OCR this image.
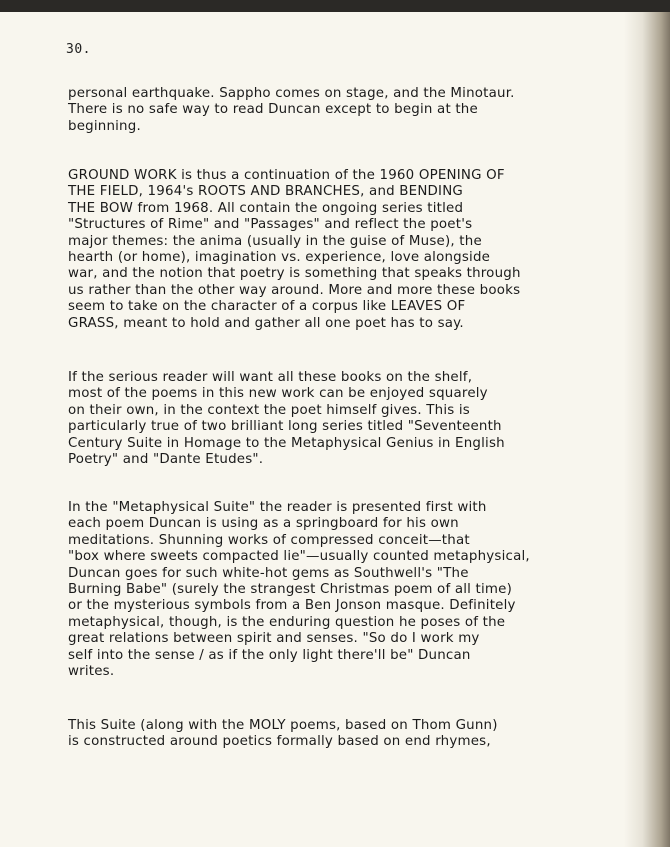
30.

personal earthquake. Sappho comes on stage, and the Minotaur.
There is no safe way to read Duncan except to begin at the
beginning.

GROUND WORK is thus a continuation of the 1960 OPENING OF
THE FIELD, 1964's ROOTS AND BRANCHES, and BENDING
THE BOW from 1968. All contain the ongoing series titled
"Structures of Rime" and "Passages" and reflect the poet's
major themes: the anima (usually in the guise of Muse), the
hearth (or home), imagination vs. experience, love alongside
war, and the notion that poetry is something that speaks through
us rather than the other way around. More and more these books
seem to take on the character of a corpus like LEAVES OF
GRASS, meant to hold and gather all one poet has to say.

If the serious reader will want all these books on the shelf,
most of the poems in this new work can be enjoyed squarely
on their own, in the context the poet himself gives. This is
particularly true of two brilliant long series titled "Seventeenth
Century Suite in Homage to the Metaphysical Genius in English
Poetry" and "Dante Etudes".

In the "Metaphysical Suite" the reader is presented first with
each poem Duncan is using as a springboard for his own
meditations. Shunning works of compressed conceit—that
"box where sweets compacted lie"—usually counted metaphysical,
Duncan goes for such white-hot gems as Southwell's "The
Burning Babe" (surely the strangest Christmas poem of all time)
or the mysterious symbols from a Ben Jonson masque. Definitely
metaphysical, though, is the enduring question he poses of the
great relations between spirit and senses. "So do I work my
self into the sense / as if the only light there'll be" Duncan
writes.

This Suite (along with the MOLY poems, based on Thom Gunn)
is constructed around poetics formally based on end rhymes,
